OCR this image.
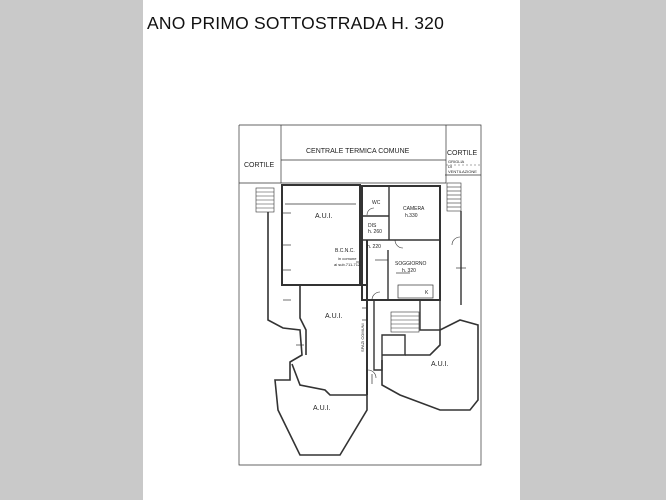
ANO PRIMO SOTTOSTRADA H. 320
CENTRALE TERMICA COMUNE
CORTILE
CORTILE
GRIGLIA
DI
VENTILAZIONE
A.U.I.
A.U.I.
A.U.I.
A.U.I.
WC
DIS
h. 260
CAMERA
h.330
h. 220
SOGGIORNO
h. 320
B.C.N.C.
in comune
ai sub.711-712
K
SPAZI COMUNI
